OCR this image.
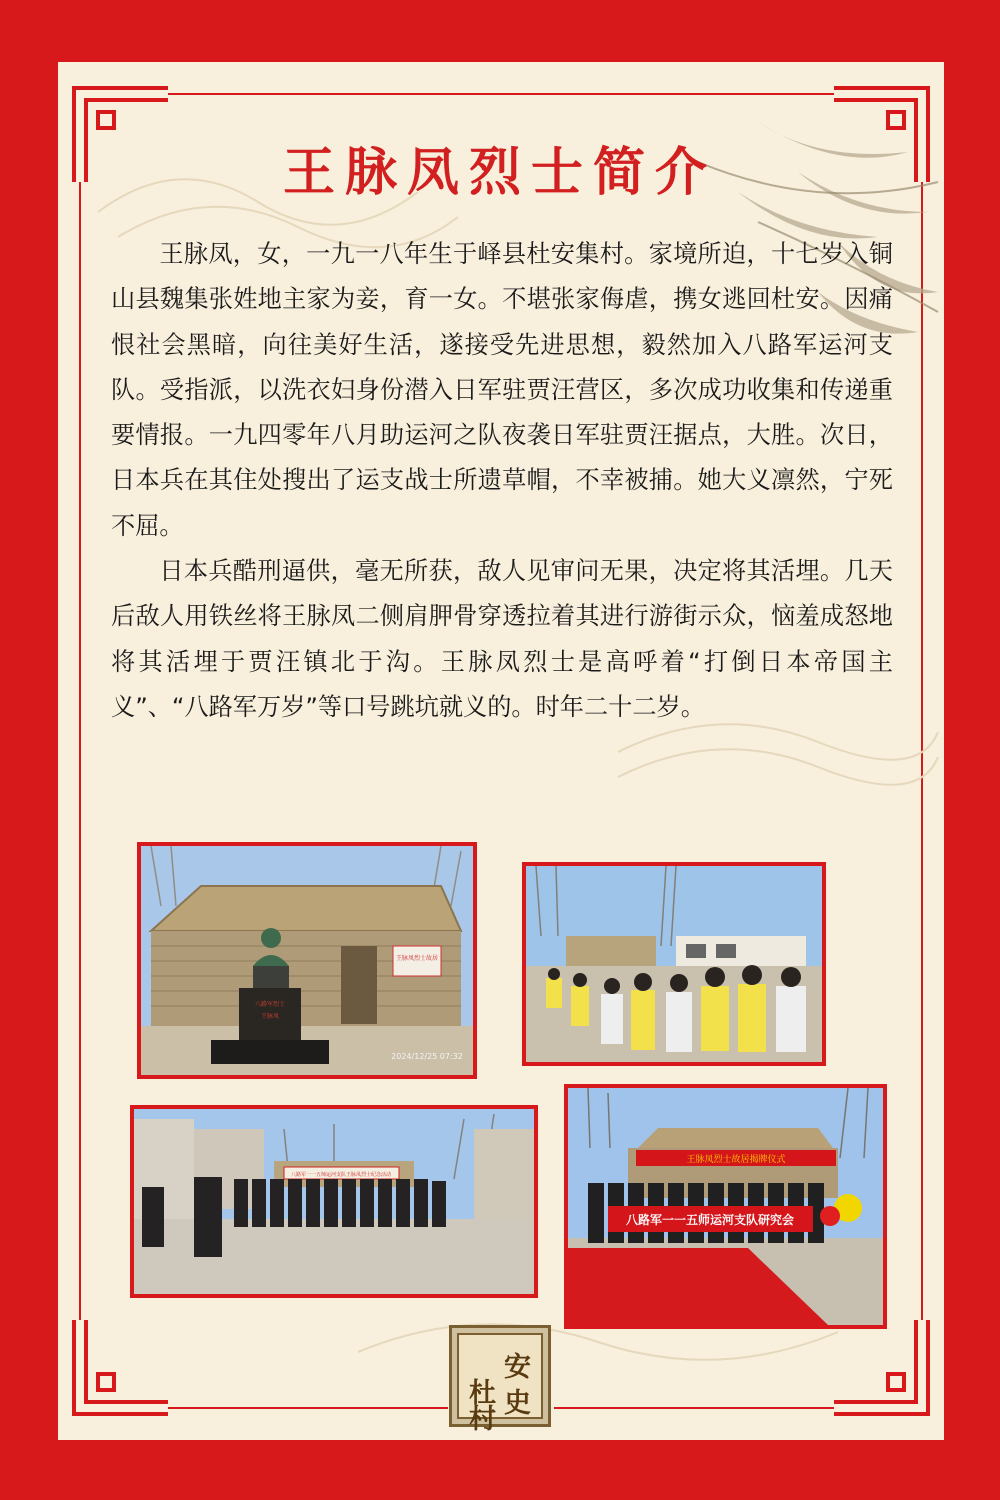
王脉凤烈士简介

王脉凤，女，一九一八年生于峄县杜安集村。家境所迫，十七岁入铜山县魏集张姓地主家为妾，育一女。不堪张家侮虐，携女逃回杜安。因痛恨社会黑暗，向往美好生活，遂接受先进思想，毅然加入八路军运河支队。受指派，以洗衣妇身份潜入日军驻贾汪营区，多次成功收集和传递重要情报。一九四零年八月助运河之队夜袭日军驻贾汪据点，大胜。次日，日本兵在其住处搜出了运支战士所遗草帽，不幸被捕。她大义凛然，宁死不屈。

日本兵酷刑逼供，毫无所获，敌人见审问无果，决定将其活埋。几天后敌人用铁丝将王脉凤二侧肩胛骨穿透拉着其进行游街示众，恼羞成怒地将其活埋于贾汪镇北于沟。王脉凤烈士是高呼着“打倒日本帝国主义”、“八路军万岁”等口号跳坑就义的。时年二十二岁。

王脉凤烈士故居
八路军烈士
王脉凤
2024/12/25 07:32
八路军一一五师运河支队王脉凤烈士纪念活动
王脉凤烈士故居揭牌仪式
八路军一一五师运河支队研究会
杜
安
村
史
